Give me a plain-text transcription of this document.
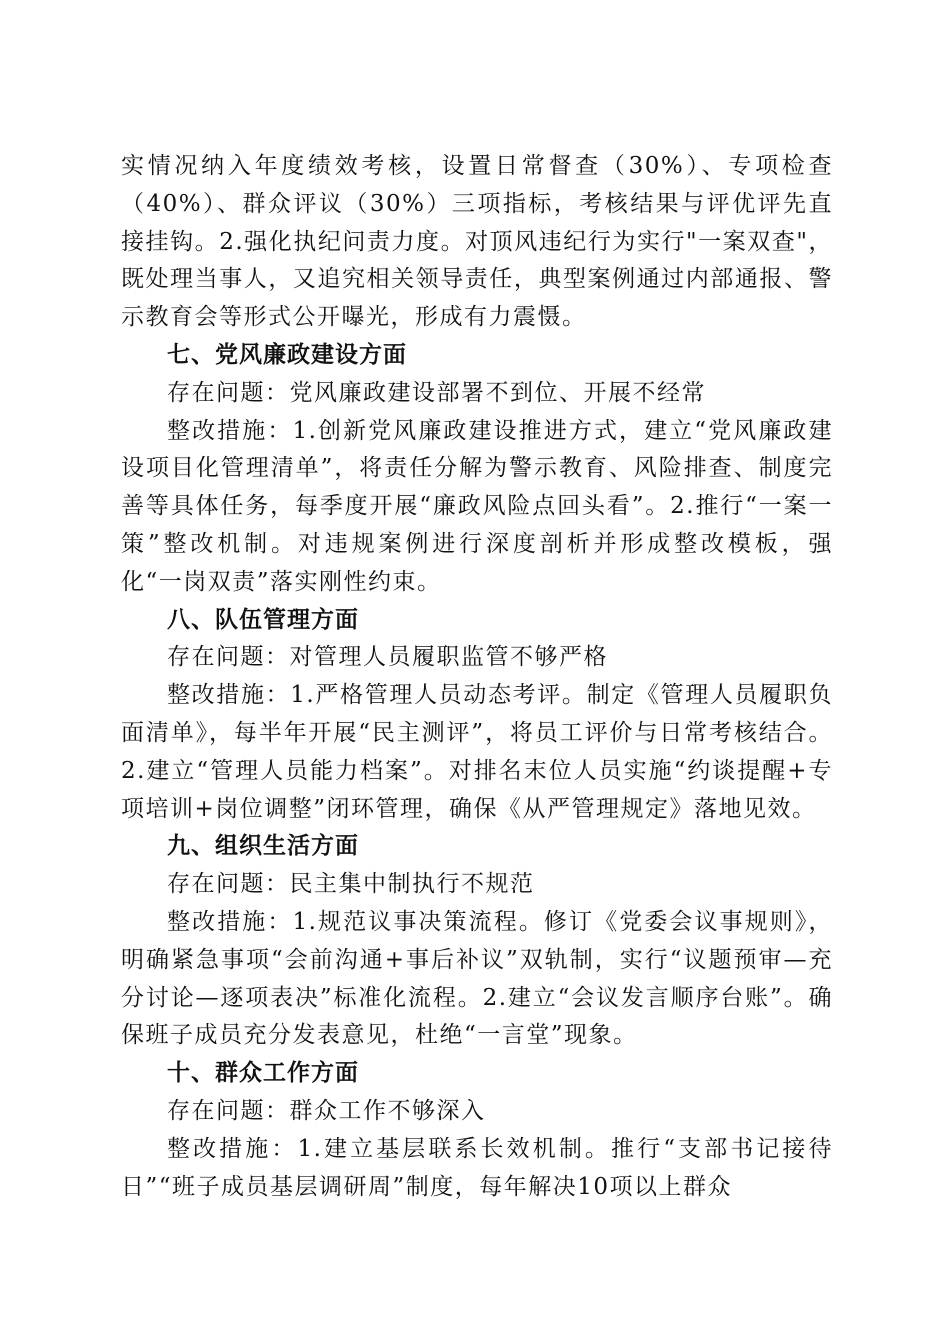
实情况纳入年度绩效考核，设置日常督查（30%）、专项检查（40%）、群众评议（30%）三项指标，考核结果与评优评先直接挂钩。2.强化执纪问责力度。对顶风违纪行为实行"一案双查"，既处理当事人，又追究相关领导责任，典型案例通过内部通报、警示教育会等形式公开曝光，形成有力震慑。

七、党风廉政建设方面

存在问题：党风廉政建设部署不到位、开展不经常

整改措施：1.创新党风廉政建设推进方式，建立“党风廉政建设项目化管理清单”，将责任分解为警示教育、风险排查、制度完善等具体任务，每季度开展“廉政风险点回头看”。2.推行“一案一策”整改机制。对违规案例进行深度剖析并形成整改模板，强化“一岗双责”落实刚性约束。

八、队伍管理方面

存在问题：对管理人员履职监管不够严格

整改措施：1.严格管理人员动态考评。制定《管理人员履职负面清单》，每半年开展“民主测评”，将员工评价与日常考核结合。2.建立“管理人员能力档案”。对排名末位人员实施“约谈提醒+专项培训+岗位调整”闭环管理，确保《从严管理规定》落地见效。

九、组织生活方面

存在问题：民主集中制执行不规范

整改措施：1.规范议事决策流程。修订《党委会议事规则》，明确紧急事项“会前沟通+事后补议”双轨制，实行“议题预审—充分讨论—逐项表决”标准化流程。2.建立“会议发言顺序台账”。确保班子成员充分发表意见，杜绝“一言堂”现象。

十、群众工作方面

存在问题：群众工作不够深入

整改措施：1.建立基层联系长效机制。推行“支部书记接待日”“班子成员基层调研周”制度，每年解决10项以上群众
